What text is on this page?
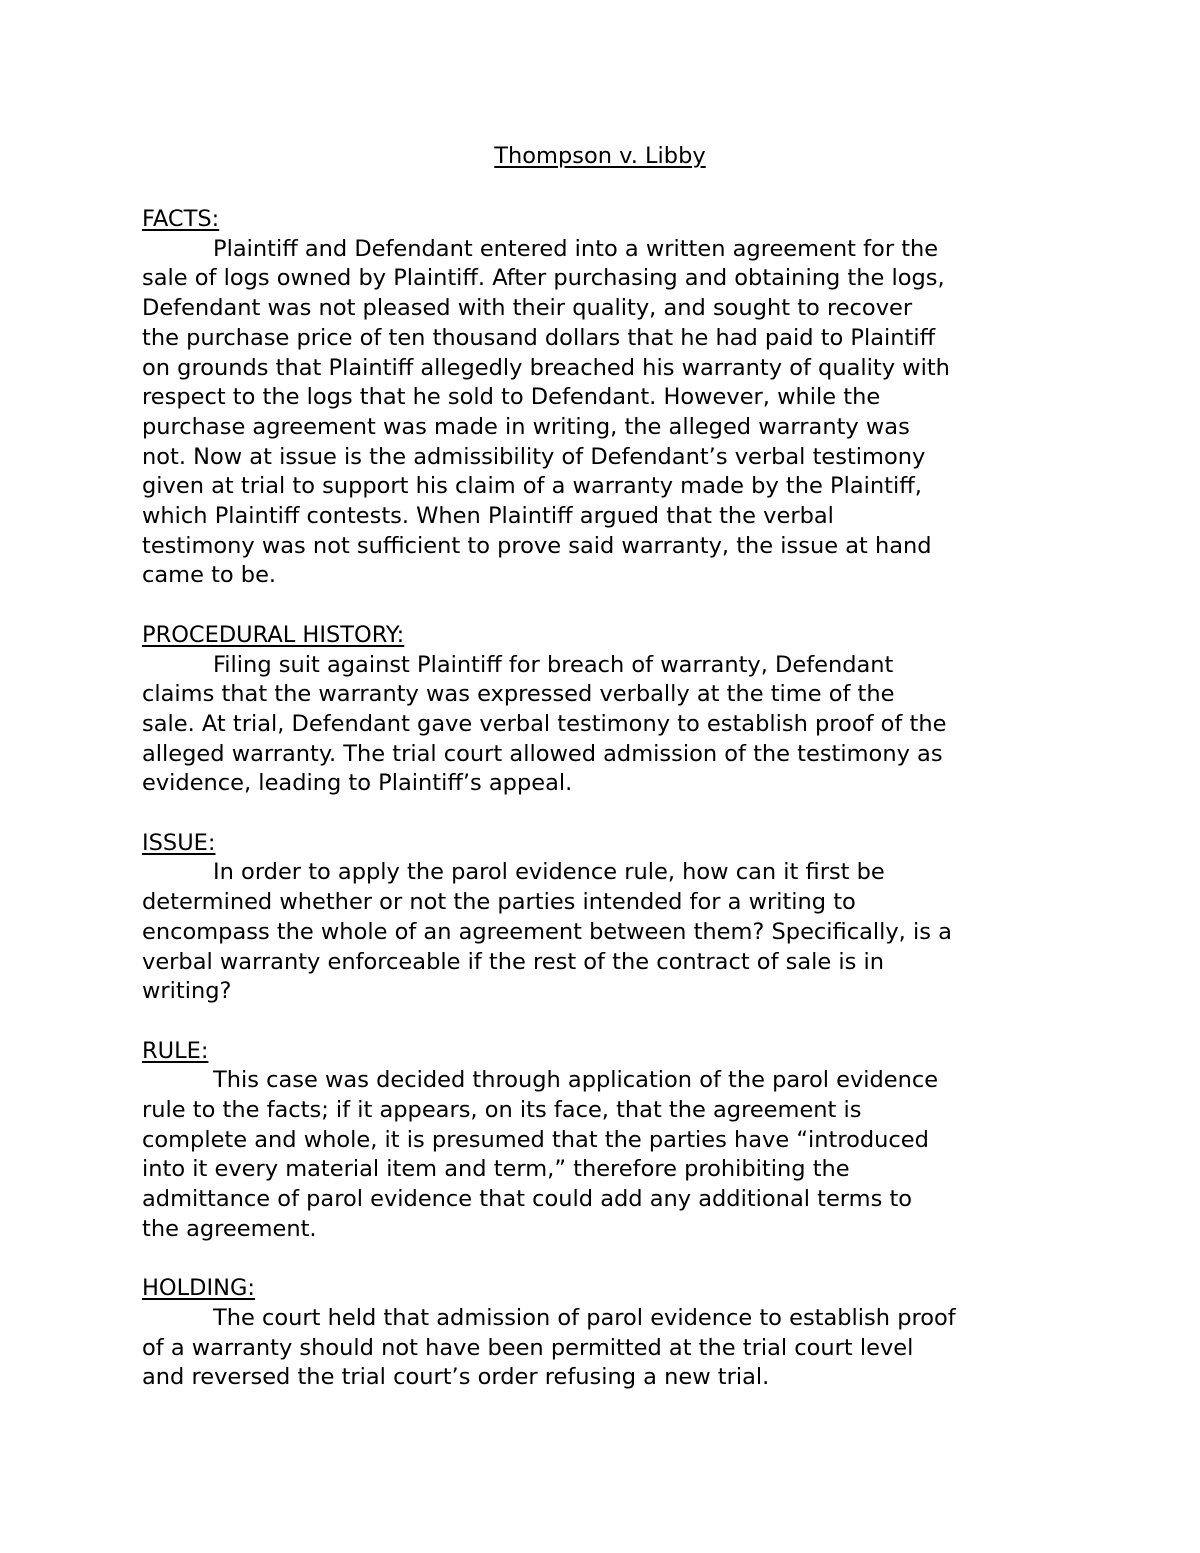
Thompson v. Libby
FACTS:

Plaintiff and Defendant entered into a written agreement for the
sale of logs owned by Plaintiff. After purchasing and obtaining the logs,
Defendant was not pleased with their quality, and sought to recover
the purchase price of ten thousand dollars that he had paid to Plaintiff
on grounds that Plaintiff allegedly breached his warranty of quality with
respect to the logs that he sold to Defendant. However, while the
purchase agreement was made in writing, the alleged warranty was
not. Now at issue is the admissibility of Defendant’s verbal testimony
given at trial to support his claim of a warranty made by the Plaintiff,
which Plaintiff contests. When Plaintiff argued that the verbal
testimony was not sufficient to prove said warranty, the issue at hand
came to be.

PROCEDURAL HISTORY:

Filing suit against Plaintiff for breach of warranty, Defendant
claims that the warranty was expressed verbally at the time of the
sale. At trial, Defendant gave verbal testimony to establish proof of the
alleged warranty. The trial court allowed admission of the testimony as
evidence, leading to Plaintiff’s appeal.

ISSUE:

In order to apply the parol evidence rule, how can it first be
determined whether or not the parties intended for a writing to
encompass the whole of an agreement between them? Specifically, is a
verbal warranty enforceable if the rest of the contract of sale is in
writing?

RULE:

This case was decided through application of the parol evidence
rule to the facts; if it appears, on its face, that the agreement is
complete and whole, it is presumed that the parties have “introduced
into it every material item and term,” therefore prohibiting the
admittance of parol evidence that could add any additional terms to
the agreement.

HOLDING:

The court held that admission of parol evidence to establish proof
of a warranty should not have been permitted at the trial court level
and reversed the trial court’s order refusing a new trial.
